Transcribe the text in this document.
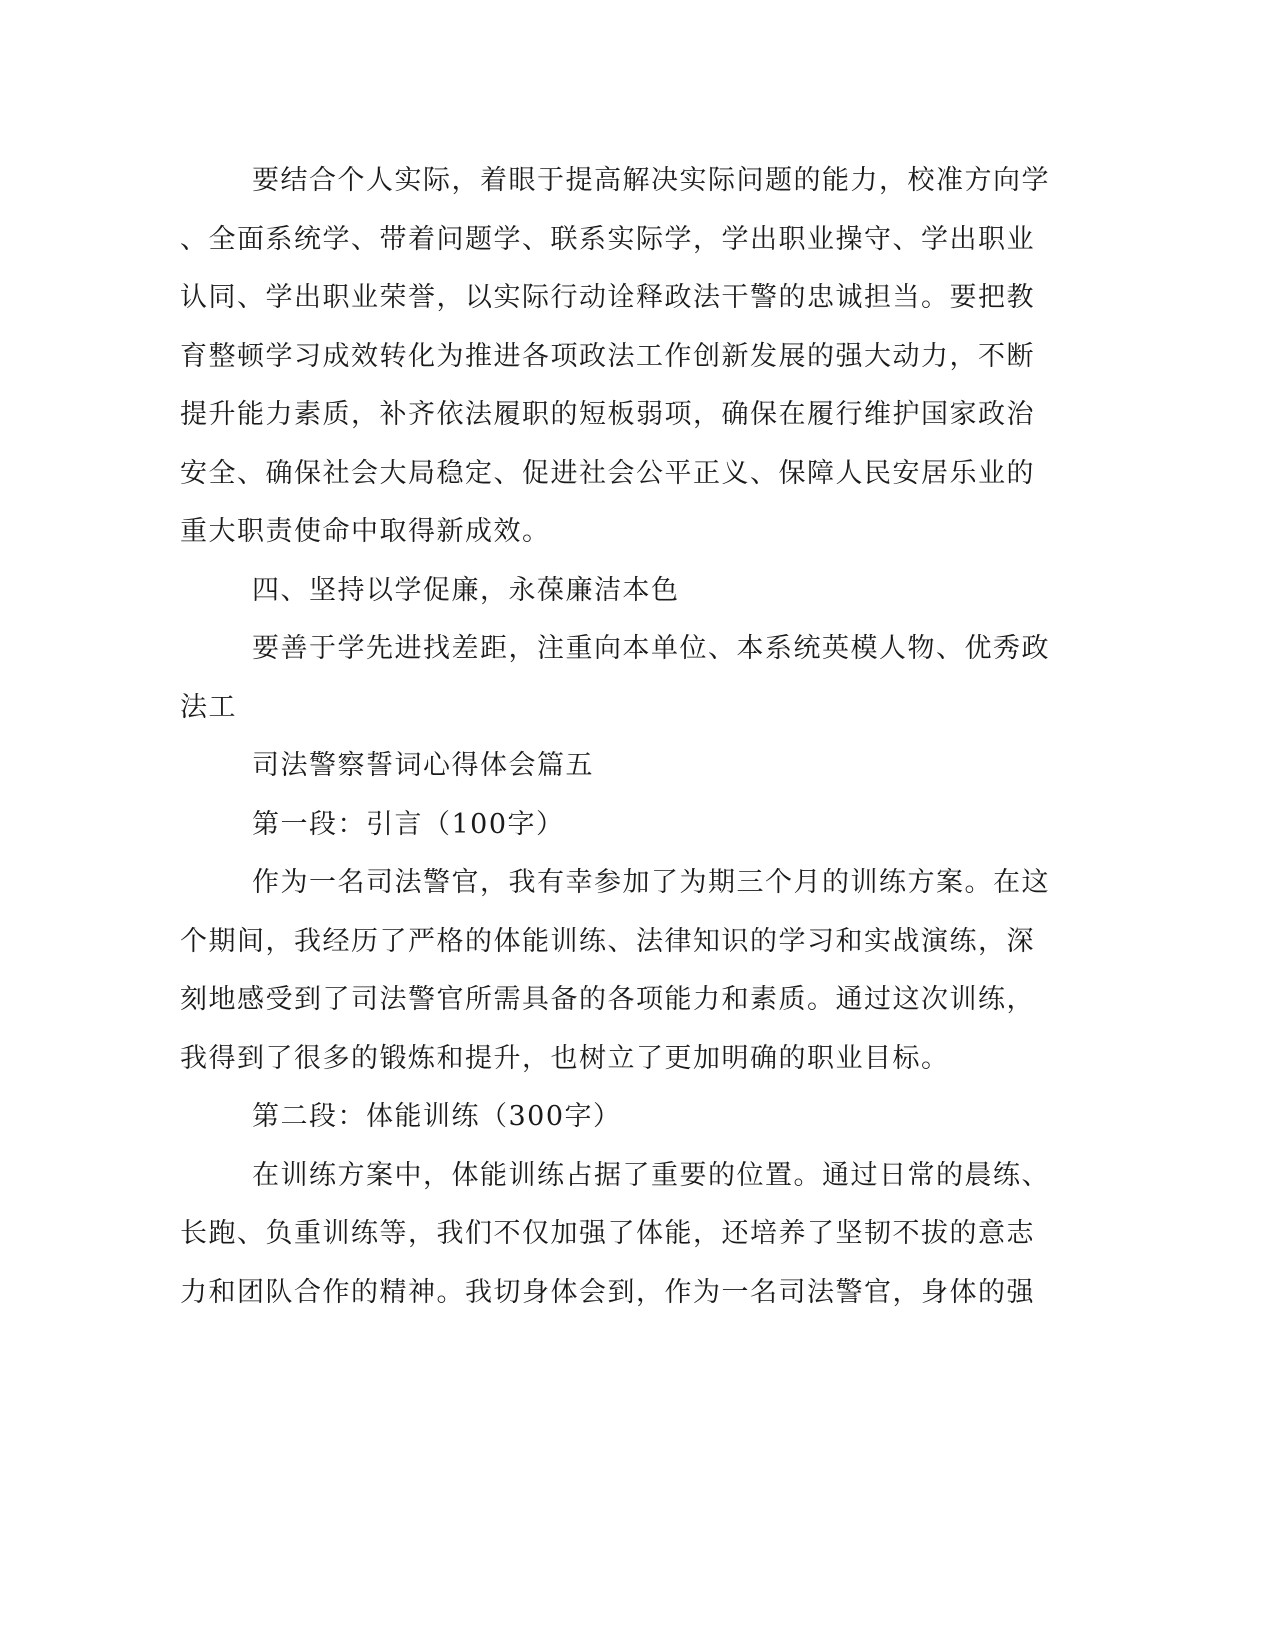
要结合个人实际，着眼于提高解决实际问题的能力，校准方向学
、全面系统学、带着问题学、联系实际学，学出职业操守、学出职业
认同、学出职业荣誉，以实际行动诠释政法干警的忠诚担当。要把教
育整顿学习成效转化为推进各项政法工作创新发展的强大动力，不断
提升能力素质，补齐依法履职的短板弱项，确保在履行维护国家政治
安全、确保社会大局稳定、促进社会公平正义、保障人民安居乐业的
重大职责使命中取得新成效。
四、坚持以学促廉，永葆廉洁本色
要善于学先进找差距，注重向本单位、本系统英模人物、优秀政
法工
司法警察誓词心得体会篇五
第一段：引言（100字）
作为一名司法警官，我有幸参加了为期三个月的训练方案。在这
个期间，我经历了严格的体能训练、法律知识的学习和实战演练，深
刻地感受到了司法警官所需具备的各项能力和素质。通过这次训练，
我得到了很多的锻炼和提升，也树立了更加明确的职业目标。
第二段：体能训练（300字）
在训练方案中，体能训练占据了重要的位置。通过日常的晨练、
长跑、负重训练等，我们不仅加强了体能，还培养了坚韧不拔的意志
力和团队合作的精神。我切身体会到，作为一名司法警官，身体的强
